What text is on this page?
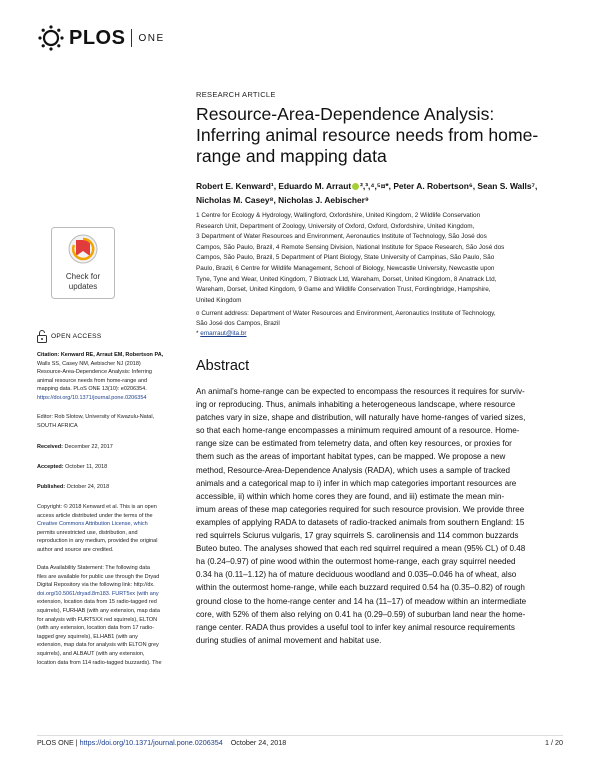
PLOS ONE
RESEARCH ARTICLE
Resource-Area-Dependence Analysis:
Inferring animal resource needs from home-
range and mapping data
Robert E. Kenward¹, Eduardo M. Arraut ²,³,⁴,⁵¤*, Peter A. Robertson⁶, Sean S. Walls⁷,
Nicholas M. Casey⁸, Nicholas J. Aebischer⁹
1 Centre for Ecology & Hydrology, Wallingford, Oxfordshire, United Kingdom, 2 Wildlife Conservation
Research Unit, Department of Zoology, University of Oxford, Oxford, Oxfordshire, United Kingdom,
3 Department of Water Resources and Environment, Aeronautics Institute of Technology, São José dos
Campos, São Paulo, Brazil, 4 Remote Sensing Division, National Institute for Space Research, São José dos
Campos, São Paulo, Brazil, 5 Department of Plant Biology, State University of Campinas, São Paulo, São
Paulo, Brazil, 6 Centre for Wildlife Management, School of Biology, Newcastle University, Newcastle upon
Tyne, Tyne and Wear, United Kingdom, 7 Biotrack Ltd, Wareham, Dorset, United Kingdom, 8 Anatrack Ltd,
Wareham, Dorset, United Kingdom, 9 Game and Wildlife Conservation Trust, Fordingbridge, Hampshire,
United Kingdom
¤ Current address: Department of Water Resources and Environment, Aeronautics Institute of Technology,
São José dos Campos, Brazil
* emarraut@ita.br
Abstract
An animal’s home-range can be expected to encompass the resources it requires for surviv-
ing or reproducing. Thus, animals inhabiting a heterogeneous landscape, where resource
patches vary in size, shape and distribution, will naturally have home-ranges of varied sizes,
so that each home-range encompasses a minimum required amount of a resource. Home-
range size can be estimated from telemetry data, and often key resources, or proxies for
them such as the areas of important habitat types, can be mapped. We propose a new
method, Resource-Area-Dependence Analysis (RADA), which uses a sample of tracked
animals and a categorical map to i) infer in which map categories important resources are
accessible, ii) within which home cores they are found, and iii) estimate the mean min-
imum areas of these map categories required for such resource provision. We provide three
examples of applying RADA to datasets of radio-tracked animals from southern England: 15
red squirrels Sciurus vulgaris, 17 gray squirrels S. carolinensis and 114 common buzzards
Buteo buteo. The analyses showed that each red squirrel required a mean (95% CL) of 0.48
ha (0.24–0.97) of pine wood within the outermost home-range, each gray squirrel needed
0.34 ha (0.11–1.12) ha of mature deciduous woodland and 0.035–0.046 ha of wheat, also
within the outermost home-range, while each buzzard required 0.54 ha (0.35–0.82) of rough
ground close to the home-range center and 14 ha (11–17) of meadow within an intermediate
core, with 52% of them also relying on 0.41 ha (0.29–0.59) of suburban land near the home-
range center. RADA thus provides a useful tool to infer key animal resource requirements
during studies of animal movement and habitat use.
Check for
updates
OPEN ACCESS
Citation: Kenward RE, Arraut EM, Robertson PA,
Walls SS, Casey NM, Aebischer NJ (2018)
Resource-Area-Dependence Analysis: Inferring
animal resource needs from home-range and
mapping data. PLoS ONE 13(10): e0206354.
https://doi.org/10.1371/journal.pone.0206354
Editor: Rob Slotow, University of Kwazulu-Natal,
SOUTH AFRICA
Received: December 22, 2017
Accepted: October 11, 2018
Published: October 24, 2018
Copyright: © 2018 Kenward et al. This is an open
access article distributed under the terms of the
Creative Commons Attribution License, which
permits unrestricted use, distribution, and
reproduction in any medium, provided the original
author and source are credited.
Data Availability Statement: The following data
files are available for public use through the Dryad
Digital Repository via the following link: http://dx.
doi.org/10.5061/dryad.8m183. FURT5xx (with any
extension, location data from 15 radio-tagged red
squirrels), FURHAB (with any extension, map data
for analysis with FURT5XX red squirrels), ELTON
(with any extension, location data from 17 radio-
tagged grey squirrels), ELHAB1 (with any
extension, map data for analysis with ELTON grey
squirrels), and ALBAUT (with any extension,
location data from 114 radio-tagged buzzards). The
PLOS ONE | https://doi.org/10.1371/journal.pone.0206354 October 24, 2018	1 / 20
